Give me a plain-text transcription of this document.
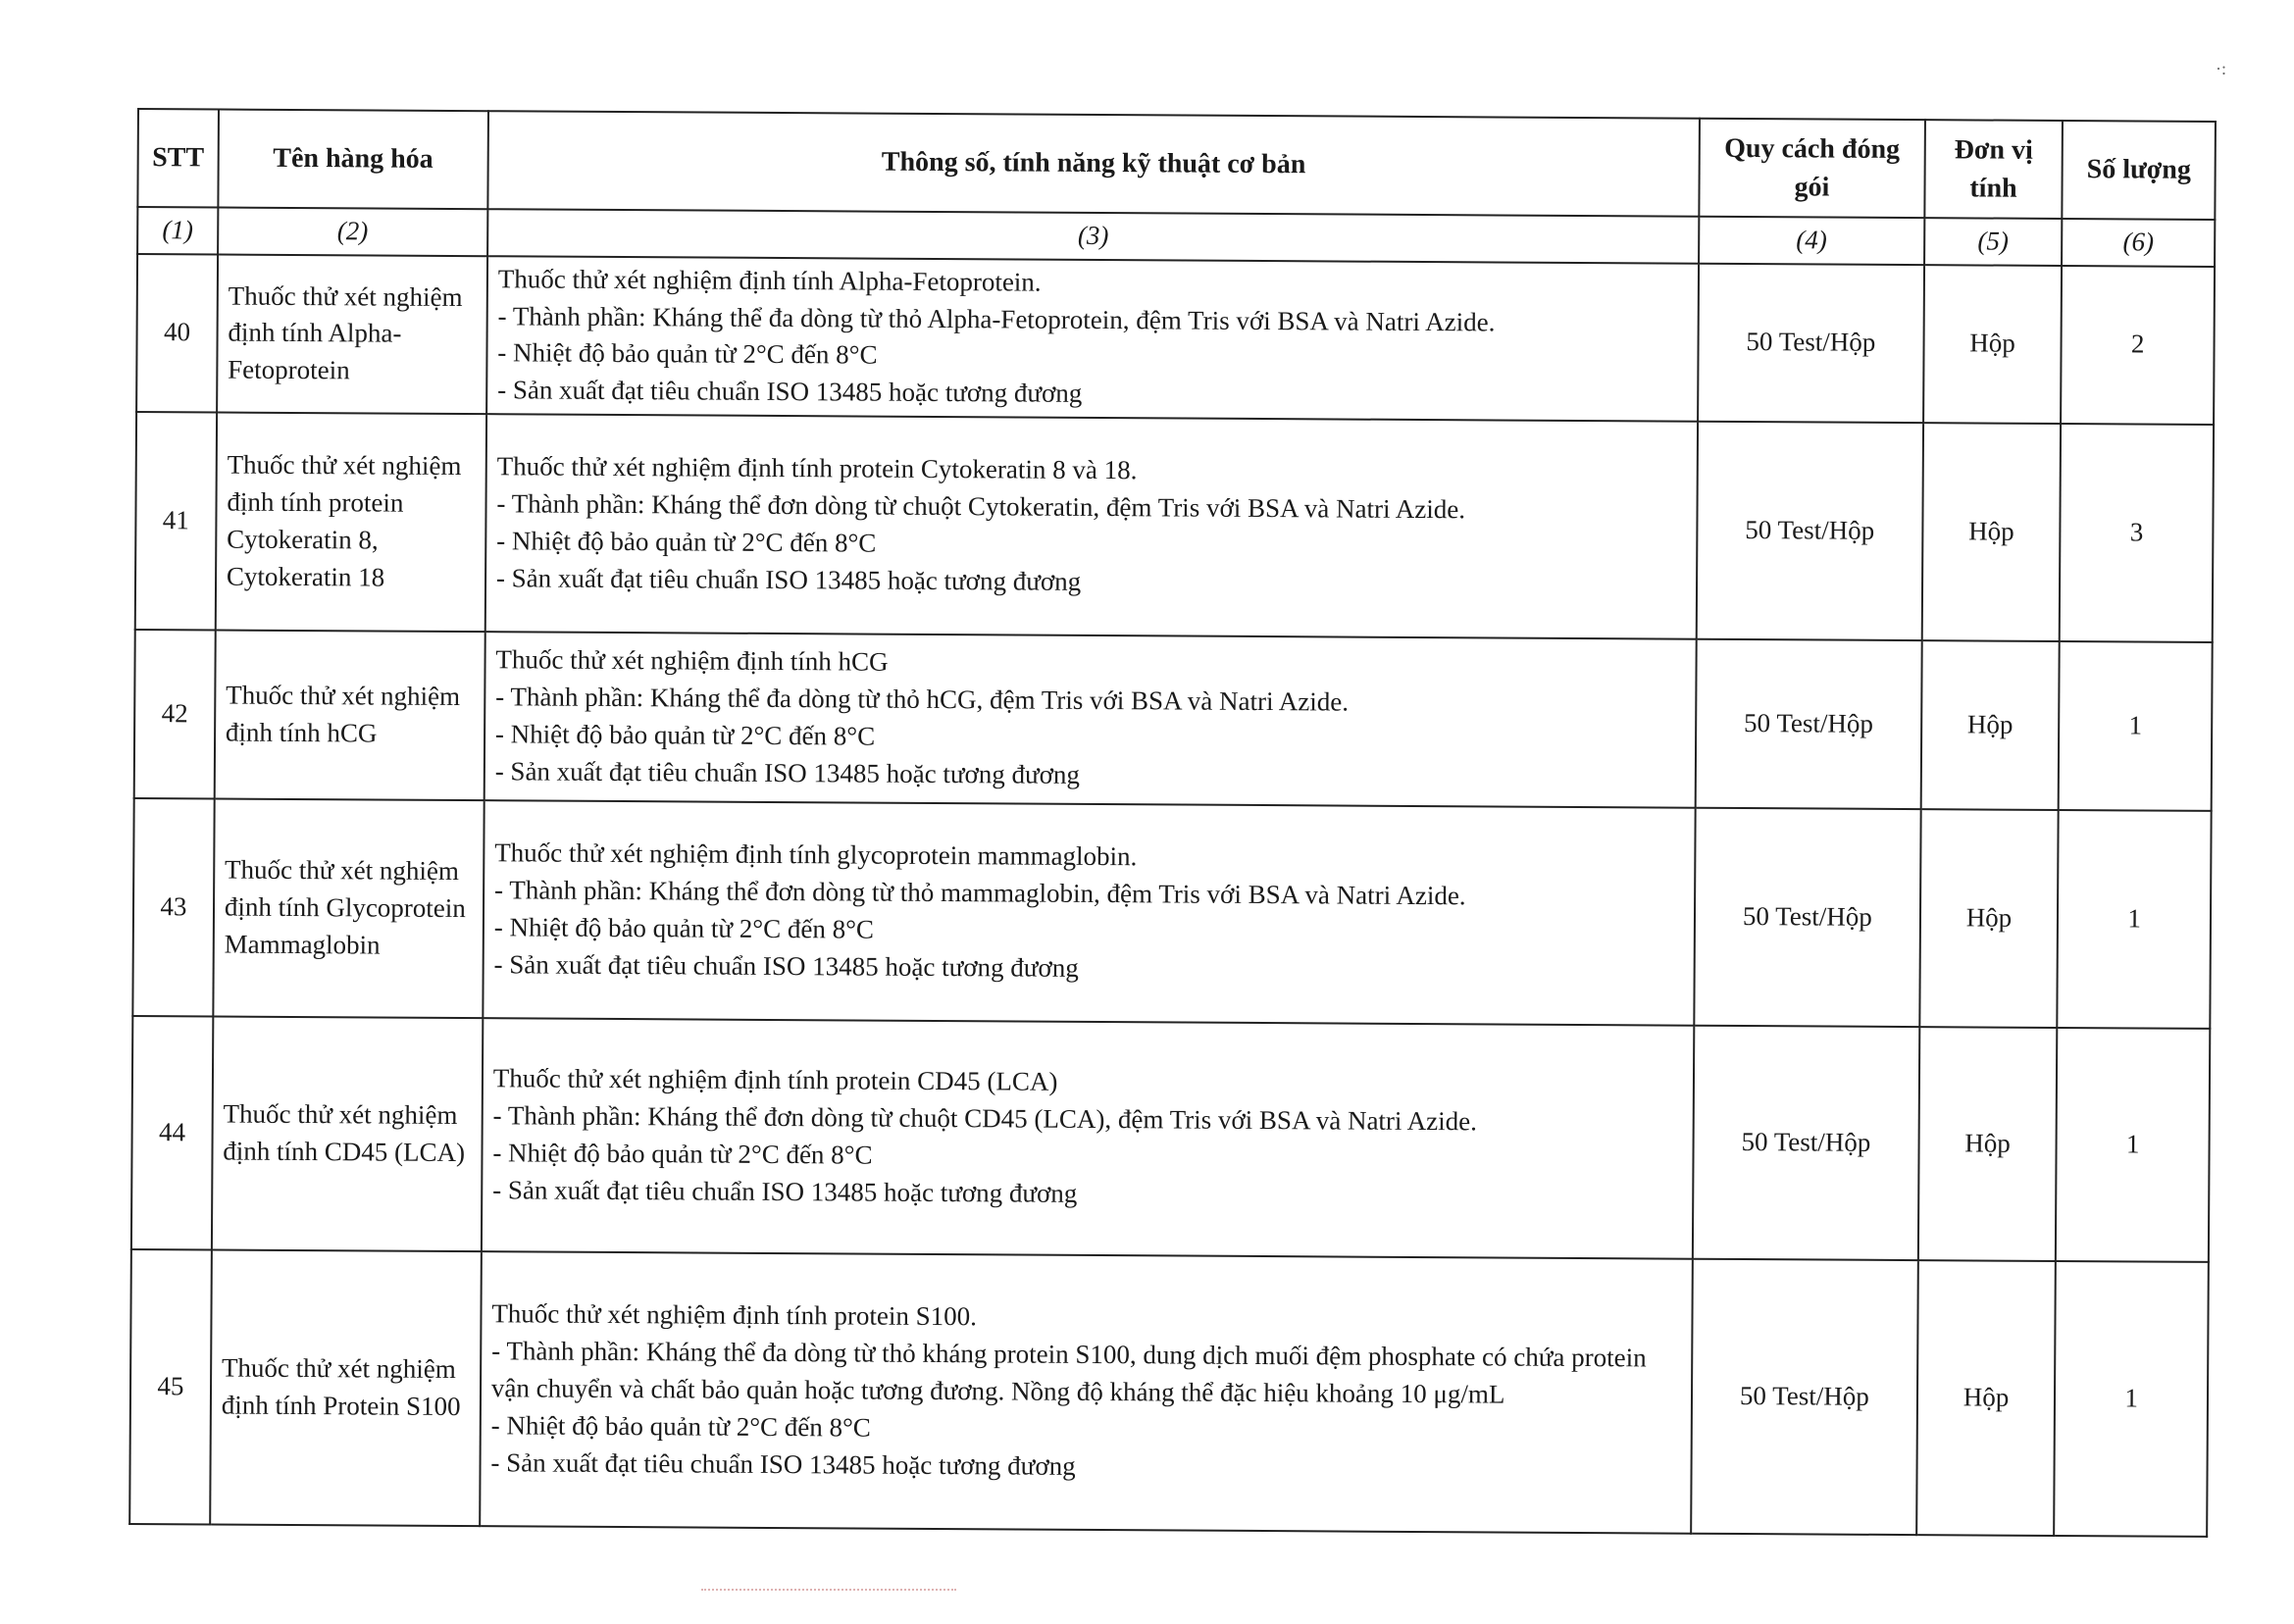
·:
STT	Tên hàng hóa	Thông số, tính năng kỹ thuật cơ bản	Quy cách đóng gói	Đơn vị tính	Số lượng
(1)	(2)	(3)	(4)	(5)	(6)
40	Thuốc thử xét nghiệm định tính Alpha-Fetoprotein	Thuốc thử xét nghiệm định tính Alpha-Fetoprotein.
- Thành phần: Kháng thể đa dòng từ thỏ Alpha-Fetoprotein, đệm Tris với BSA và Natri Azide.
- Nhiệt độ bảo quản từ 2°C đến 8°C
- Sản xuất đạt tiêu chuẩn ISO 13485 hoặc tương đương	50 Test/Hộp	Hộp	2
41	Thuốc thử xét nghiệm định tính protein Cytokeratin 8, Cytokeratin 18	Thuốc thử xét nghiệm định tính protein Cytokeratin 8 và 18.
- Thành phần: Kháng thể đơn dòng từ chuột Cytokeratin, đệm Tris với BSA và Natri Azide.
- Nhiệt độ bảo quản từ 2°C đến 8°C
- Sản xuất đạt tiêu chuẩn ISO 13485 hoặc tương đương	50 Test/Hộp	Hộp	3
42	Thuốc thử xét nghiệm định tính hCG	Thuốc thử xét nghiệm định tính hCG
- Thành phần: Kháng thể đa dòng từ thỏ hCG, đệm Tris với BSA và Natri Azide.
- Nhiệt độ bảo quản từ 2°C đến 8°C
- Sản xuất đạt tiêu chuẩn ISO 13485 hoặc tương đương	50 Test/Hộp	Hộp	1
43	Thuốc thử xét nghiệm định tính Glycoprotein Mammaglobin	Thuốc thử xét nghiệm định tính glycoprotein mammaglobin.
- Thành phần: Kháng thể đơn dòng từ thỏ mammaglobin, đệm Tris với BSA và Natri Azide.
- Nhiệt độ bảo quản từ 2°C đến 8°C
- Sản xuất đạt tiêu chuẩn ISO 13485 hoặc tương đương	50 Test/Hộp	Hộp	1
44	Thuốc thử xét nghiệm định tính CD45 (LCA)	Thuốc thử xét nghiệm định tính protein CD45 (LCA)
- Thành phần: Kháng thể đơn dòng từ chuột CD45 (LCA), đệm Tris với BSA và Natri Azide.
- Nhiệt độ bảo quản từ 2°C đến 8°C
- Sản xuất đạt tiêu chuẩn ISO 13485 hoặc tương đương	50 Test/Hộp	Hộp	1
45	Thuốc thử xét nghiệm định tính Protein S100	Thuốc thử xét nghiệm định tính protein S100.
- Thành phần: Kháng thể đa dòng từ thỏ kháng protein S100, dung dịch muối đệm phosphate có chứa protein vận chuyển và chất bảo quản hoặc tương đương. Nồng độ kháng thể đặc hiệu khoảng 10 μg/mL
- Nhiệt độ bảo quản từ 2°C đến 8°C
- Sản xuất đạt tiêu chuẩn ISO 13485 hoặc tương đương	50 Test/Hộp	Hộp	1
